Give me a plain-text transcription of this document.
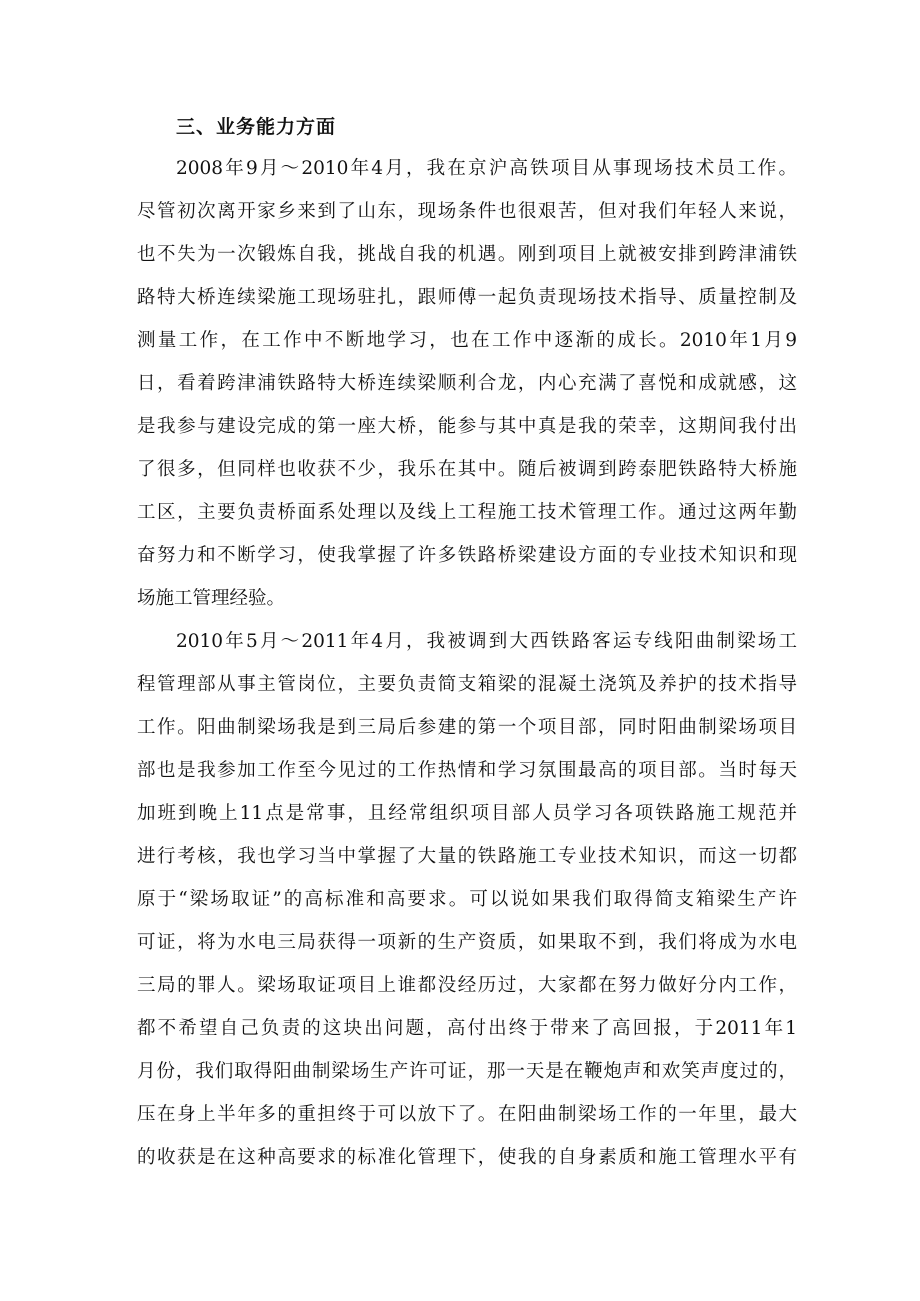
三、业务能力方面

2008年9月～2010年4月，我在京沪高铁项目从事现场技术员工作。

尽管初次离开家乡来到了山东，现场条件也很艰苦，但对我们年轻人来说，

也不失为一次锻炼自我，挑战自我的机遇。刚到项目上就被安排到跨津浦铁

路特大桥连续梁施工现场驻扎，跟师傅一起负责现场技术指导、质量控制及

测量工作，在工作中不断地学习，也在工作中逐渐的成长。2010年1月9

日，看着跨津浦铁路特大桥连续梁顺利合龙，内心充满了喜悦和成就感，这

是我参与建设完成的第一座大桥，能参与其中真是我的荣幸，这期间我付出

了很多，但同样也收获不少，我乐在其中。随后被调到跨泰肥铁路特大桥施

工区，主要负责桥面系处理以及线上工程施工技术管理工作。通过这两年勤

奋努力和不断学习，使我掌握了许多铁路桥梁建设方面的专业技术知识和现

场施工管理经验。

2010年5月～2011年4月，我被调到大西铁路客运专线阳曲制梁场工

程管理部从事主管岗位，主要负责简支箱梁的混凝土浇筑及养护的技术指导

工作。阳曲制梁场我是到三局后参建的第一个项目部，同时阳曲制梁场项目

部也是我参加工作至今见过的工作热情和学习氛围最高的项目部。当时每天

加班到晚上11点是常事，且经常组织项目部人员学习各项铁路施工规范并

进行考核，我也学习当中掌握了大量的铁路施工专业技术知识，而这一切都

原于“梁场取证”的高标准和高要求。可以说如果我们取得简支箱梁生产许

可证，将为水电三局获得一项新的生产资质，如果取不到，我们将成为水电

三局的罪人。梁场取证项目上谁都没经历过，大家都在努力做好分内工作，

都不希望自己负责的这块出问题，高付出终于带来了高回报，于2011年1

月份，我们取得阳曲制梁场生产许可证，那一天是在鞭炮声和欢笑声度过的，

压在身上半年多的重担终于可以放下了。在阳曲制梁场工作的一年里，最大

的收获是在这种高要求的标准化管理下，使我的自身素质和施工管理水平有
